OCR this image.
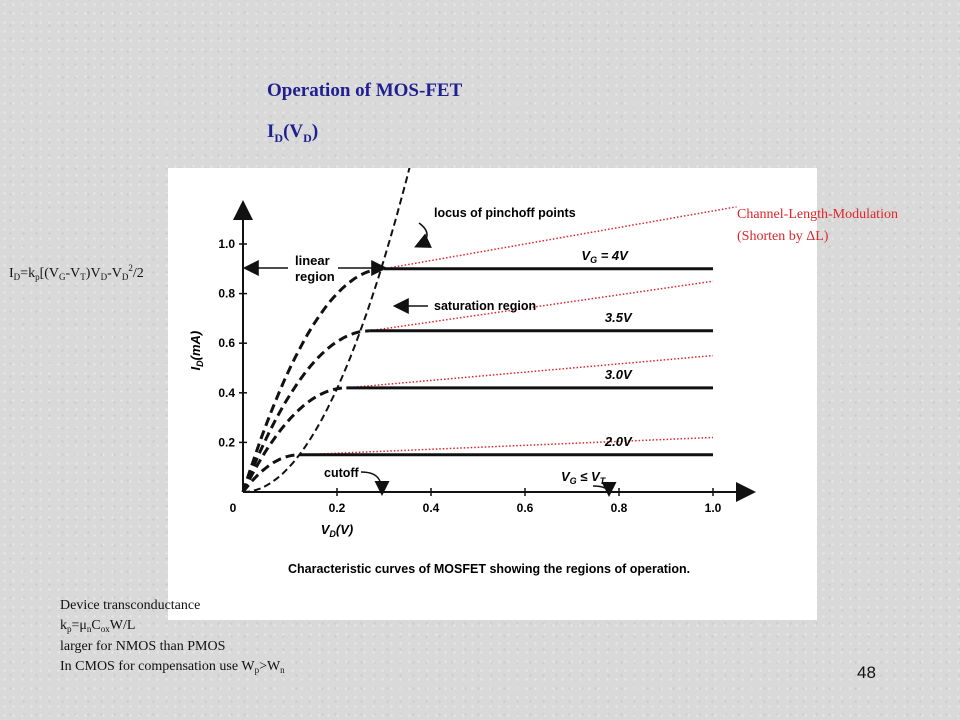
Operation of MOS-FET
$I_D(V_D)$
0	0.2	0.4	0.6	0.8	1.0
0.2
0.4
0.6
0.8
1.0
$V_D(V)$
$I_D(mA)$
$V_G = 4V$
3.5V
3.0V
2.0V
locus of pinchoff points
linear
region
saturation region
cutoff	$V_G \le V_T$
Characteristic curves of MOSFET showing the regions of operation.
Channel-Length-Modulation
(Shorten by ΔL)
$I_D=k_p[(V_G-V_T)V_D-V_D^2/2$
Device transconductance
$k_p=\mu_nC_{ox}W/L$
larger for NMOS than PMOS
In CMOS for compensation use $W_p>W_n$	48
